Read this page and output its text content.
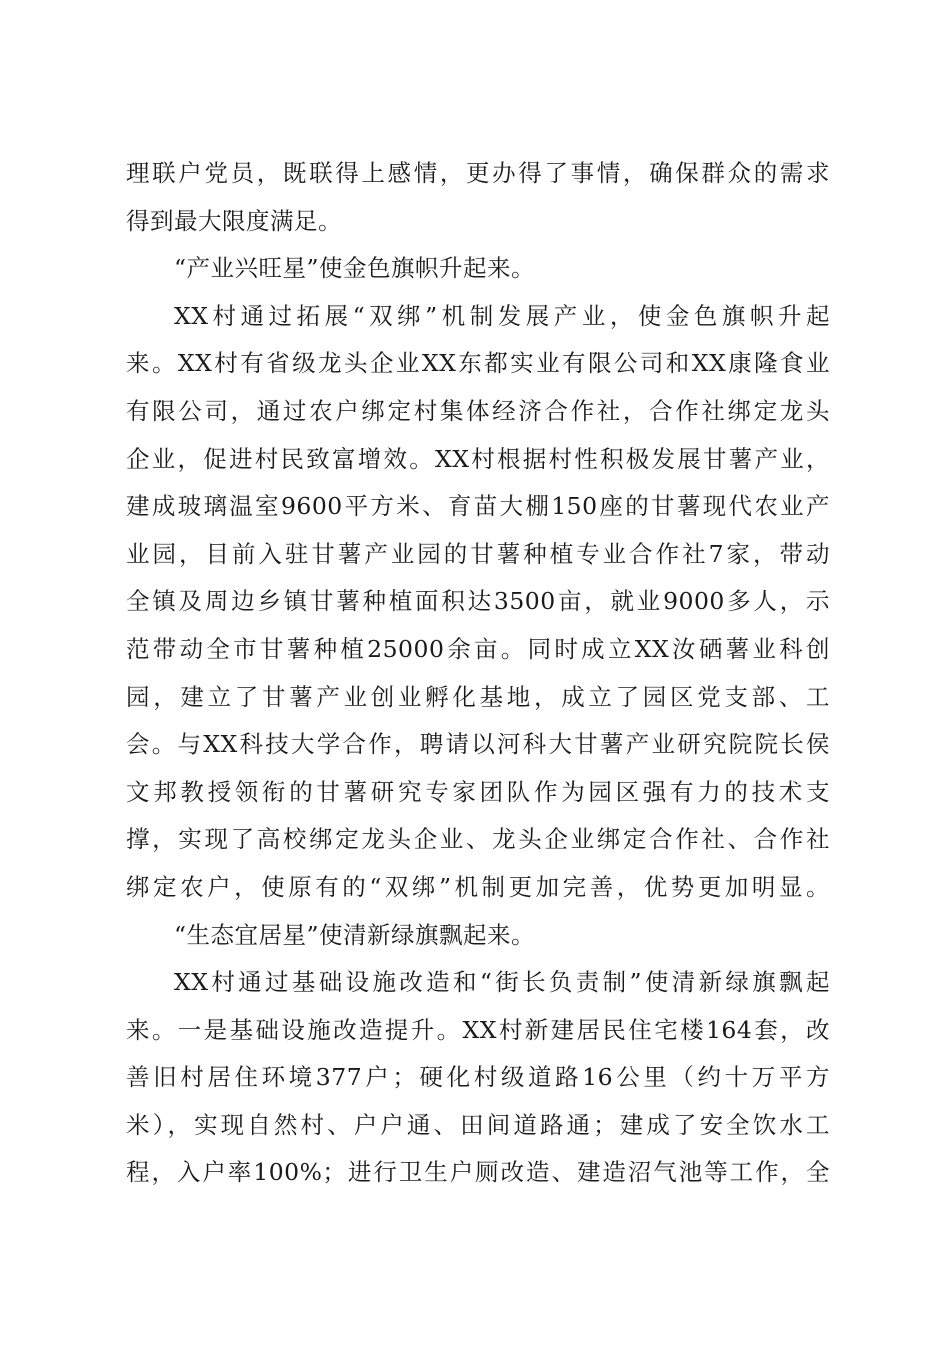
理联户党员，既联得上感情，更办得了事情，确保群众的需求
得到最大限度满足。
“产业兴旺星”使金色旗帜升起来。
XX村通过拓展“双绑”机制发展产业，使金色旗帜升起
来。XX村有省级龙头企业XX东都实业有限公司和XX康隆食业
有限公司，通过农户绑定村集体经济合作社，合作社绑定龙头
企业，促进村民致富增效。XX村根据村性积极发展甘薯产业，
建成玻璃温室9600平方米、育苗大棚150座的甘薯现代农业产
业园，目前入驻甘薯产业园的甘薯种植专业合作社7家，带动
全镇及周边乡镇甘薯种植面积达3500亩，就业9000多人，示
范带动全市甘薯种植25000余亩。同时成立XX汝硒薯业科创
园，建立了甘薯产业创业孵化基地，成立了园区党支部、工
会。与XX科技大学合作，聘请以河科大甘薯产业研究院院长侯
文邦教授领衔的甘薯研究专家团队作为园区强有力的技术支
撑，实现了高校绑定龙头企业、龙头企业绑定合作社、合作社
绑定农户，使原有的“双绑”机制更加完善，优势更加明显。
“生态宜居星”使清新绿旗飘起来。
XX村通过基础设施改造和“街长负责制”使清新绿旗飘起
来。一是基础设施改造提升。XX村新建居民住宅楼164套，改
善旧村居住环境377户；硬化村级道路16公里（约十万平方
米），实现自然村、户户通、田间道路通；建成了安全饮水工
程，入户率100%；进行卫生户厕改造、建造沼气池等工作，全
